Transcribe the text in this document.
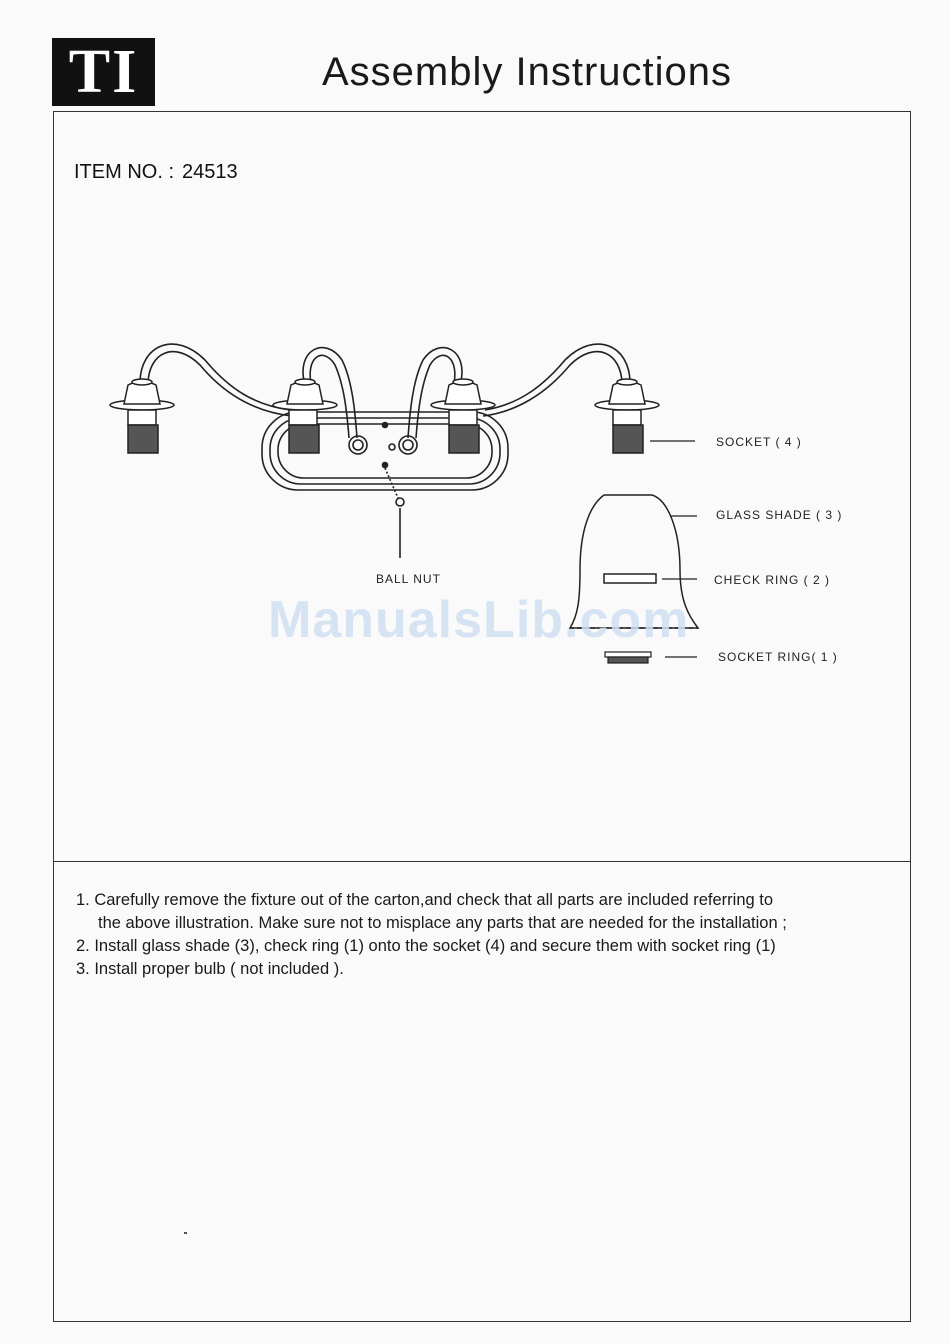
TI	Assembly Instructions
ITEM NO. : 24513
SOCKET ( 4 )
GLASS SHADE ( 3 )
CHECK RING ( 2 )
SOCKET RING( 1 )
BALL NUT
ManualsLib.com
1. Carefully remove the fixture out of the carton,and check that all parts are included referring to
the above illustration. Make sure not to misplace any parts that are needed for the installation ;
2. Install glass shade (3), check ring (1) onto the socket (4) and secure them with socket ring (1)
3. Install proper bulb ( not included ).
